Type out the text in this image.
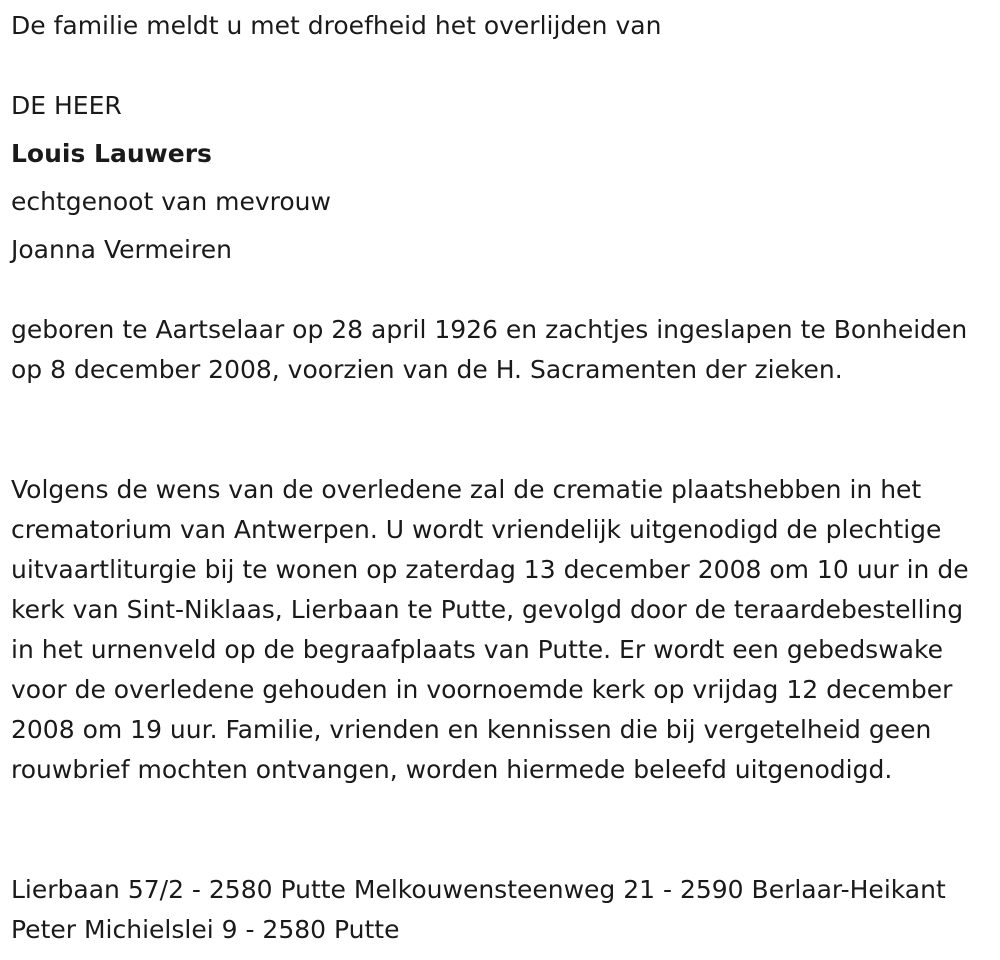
De familie meldt u met droefheid het overlijden van
DE HEER
Louis Lauwers
echtgenoot van mevrouw
Joanna Vermeiren
geboren te Aartselaar op 28 april 1926 en zachtjes ingeslapen te Bonheiden op 8 december 2008, voorzien van de H. Sacramenten der zieken.
Volgens de wens van de overledene zal de crematie plaatshebben in het crematorium van Antwerpen. U wordt vriendelijk uitgenodigd de plechtige uitvaartliturgie bij te wonen op zaterdag 13 december 2008 om 10 uur in de kerk van Sint-Niklaas, Lierbaan te Putte, gevolgd door de teraardebestelling in het urnenveld op de begraafplaats van Putte. Er wordt een gebedswake voor de overledene gehouden in voornoemde kerk op vrijdag 12 december 2008 om 19 uur. Familie, vrienden en kennissen die bij vergetelheid geen rouwbrief mochten ontvangen, worden hiermede beleefd uitgenodigd.
Lierbaan 57/2 - 2580 Putte Melkouwensteenweg 21 - 2590 Berlaar-Heikant Peter Michielslei 9 - 2580 Putte
